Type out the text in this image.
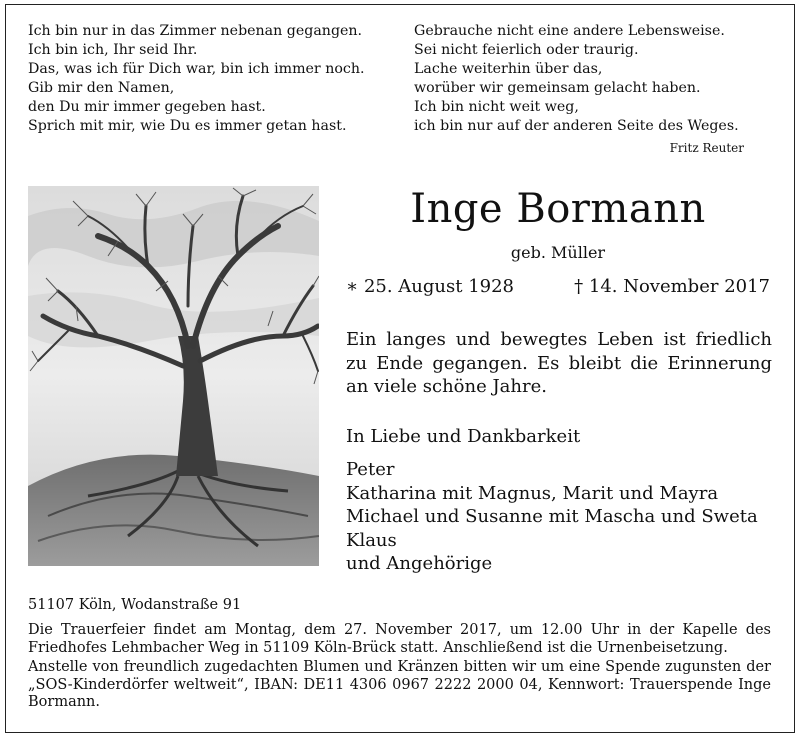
Ich bin nur in das Zimmer nebenan gegangen.
Ich bin ich, Ihr seid Ihr.
Das, was ich für Dich war, bin ich immer noch.
Gib mir den Namen,
den Du mir immer gegeben hast.
Sprich mit mir, wie Du es immer getan hast.
Gebrauche nicht eine andere Lebensweise.
Sei nicht feierlich oder traurig.
Lache weiterhin über das,
worüber wir gemeinsam gelacht haben.
Ich bin nicht weit weg,
ich bin nur auf der anderen Seite des Weges.
Fritz Reuter
Inge Bormann
geb. Müller
∗ 25. August 1928	† 14. November 2017
Ein langes und bewegtes Leben ist friedlich zu Ende gegangen. Es bleibt die Erinnerung an viele schöne Jahre.
In Liebe und Dankbarkeit
Peter
Katharina mit Magnus, Marit und Mayra
Michael und Susanne mit Mascha und Sweta
Klaus
und Angehörige
51107 Köln, Wodanstraße 91
Die Trauerfeier findet am Montag, dem 27. November 2017, um 12.00 Uhr in der Kapelle des Friedhofes Lehmbacher Weg in 51109 Köln-Brück statt. Anschließend ist die Urnenbeisetzung.
Anstelle von freundlich zugedachten Blumen und Kränzen bitten wir um eine Spende zugunsten der „SOS-Kinderdörfer weltweit“, IBAN: DE11 4306 0967 2222 2000 04, Kennwort: Trauerspende Inge Bormann.
